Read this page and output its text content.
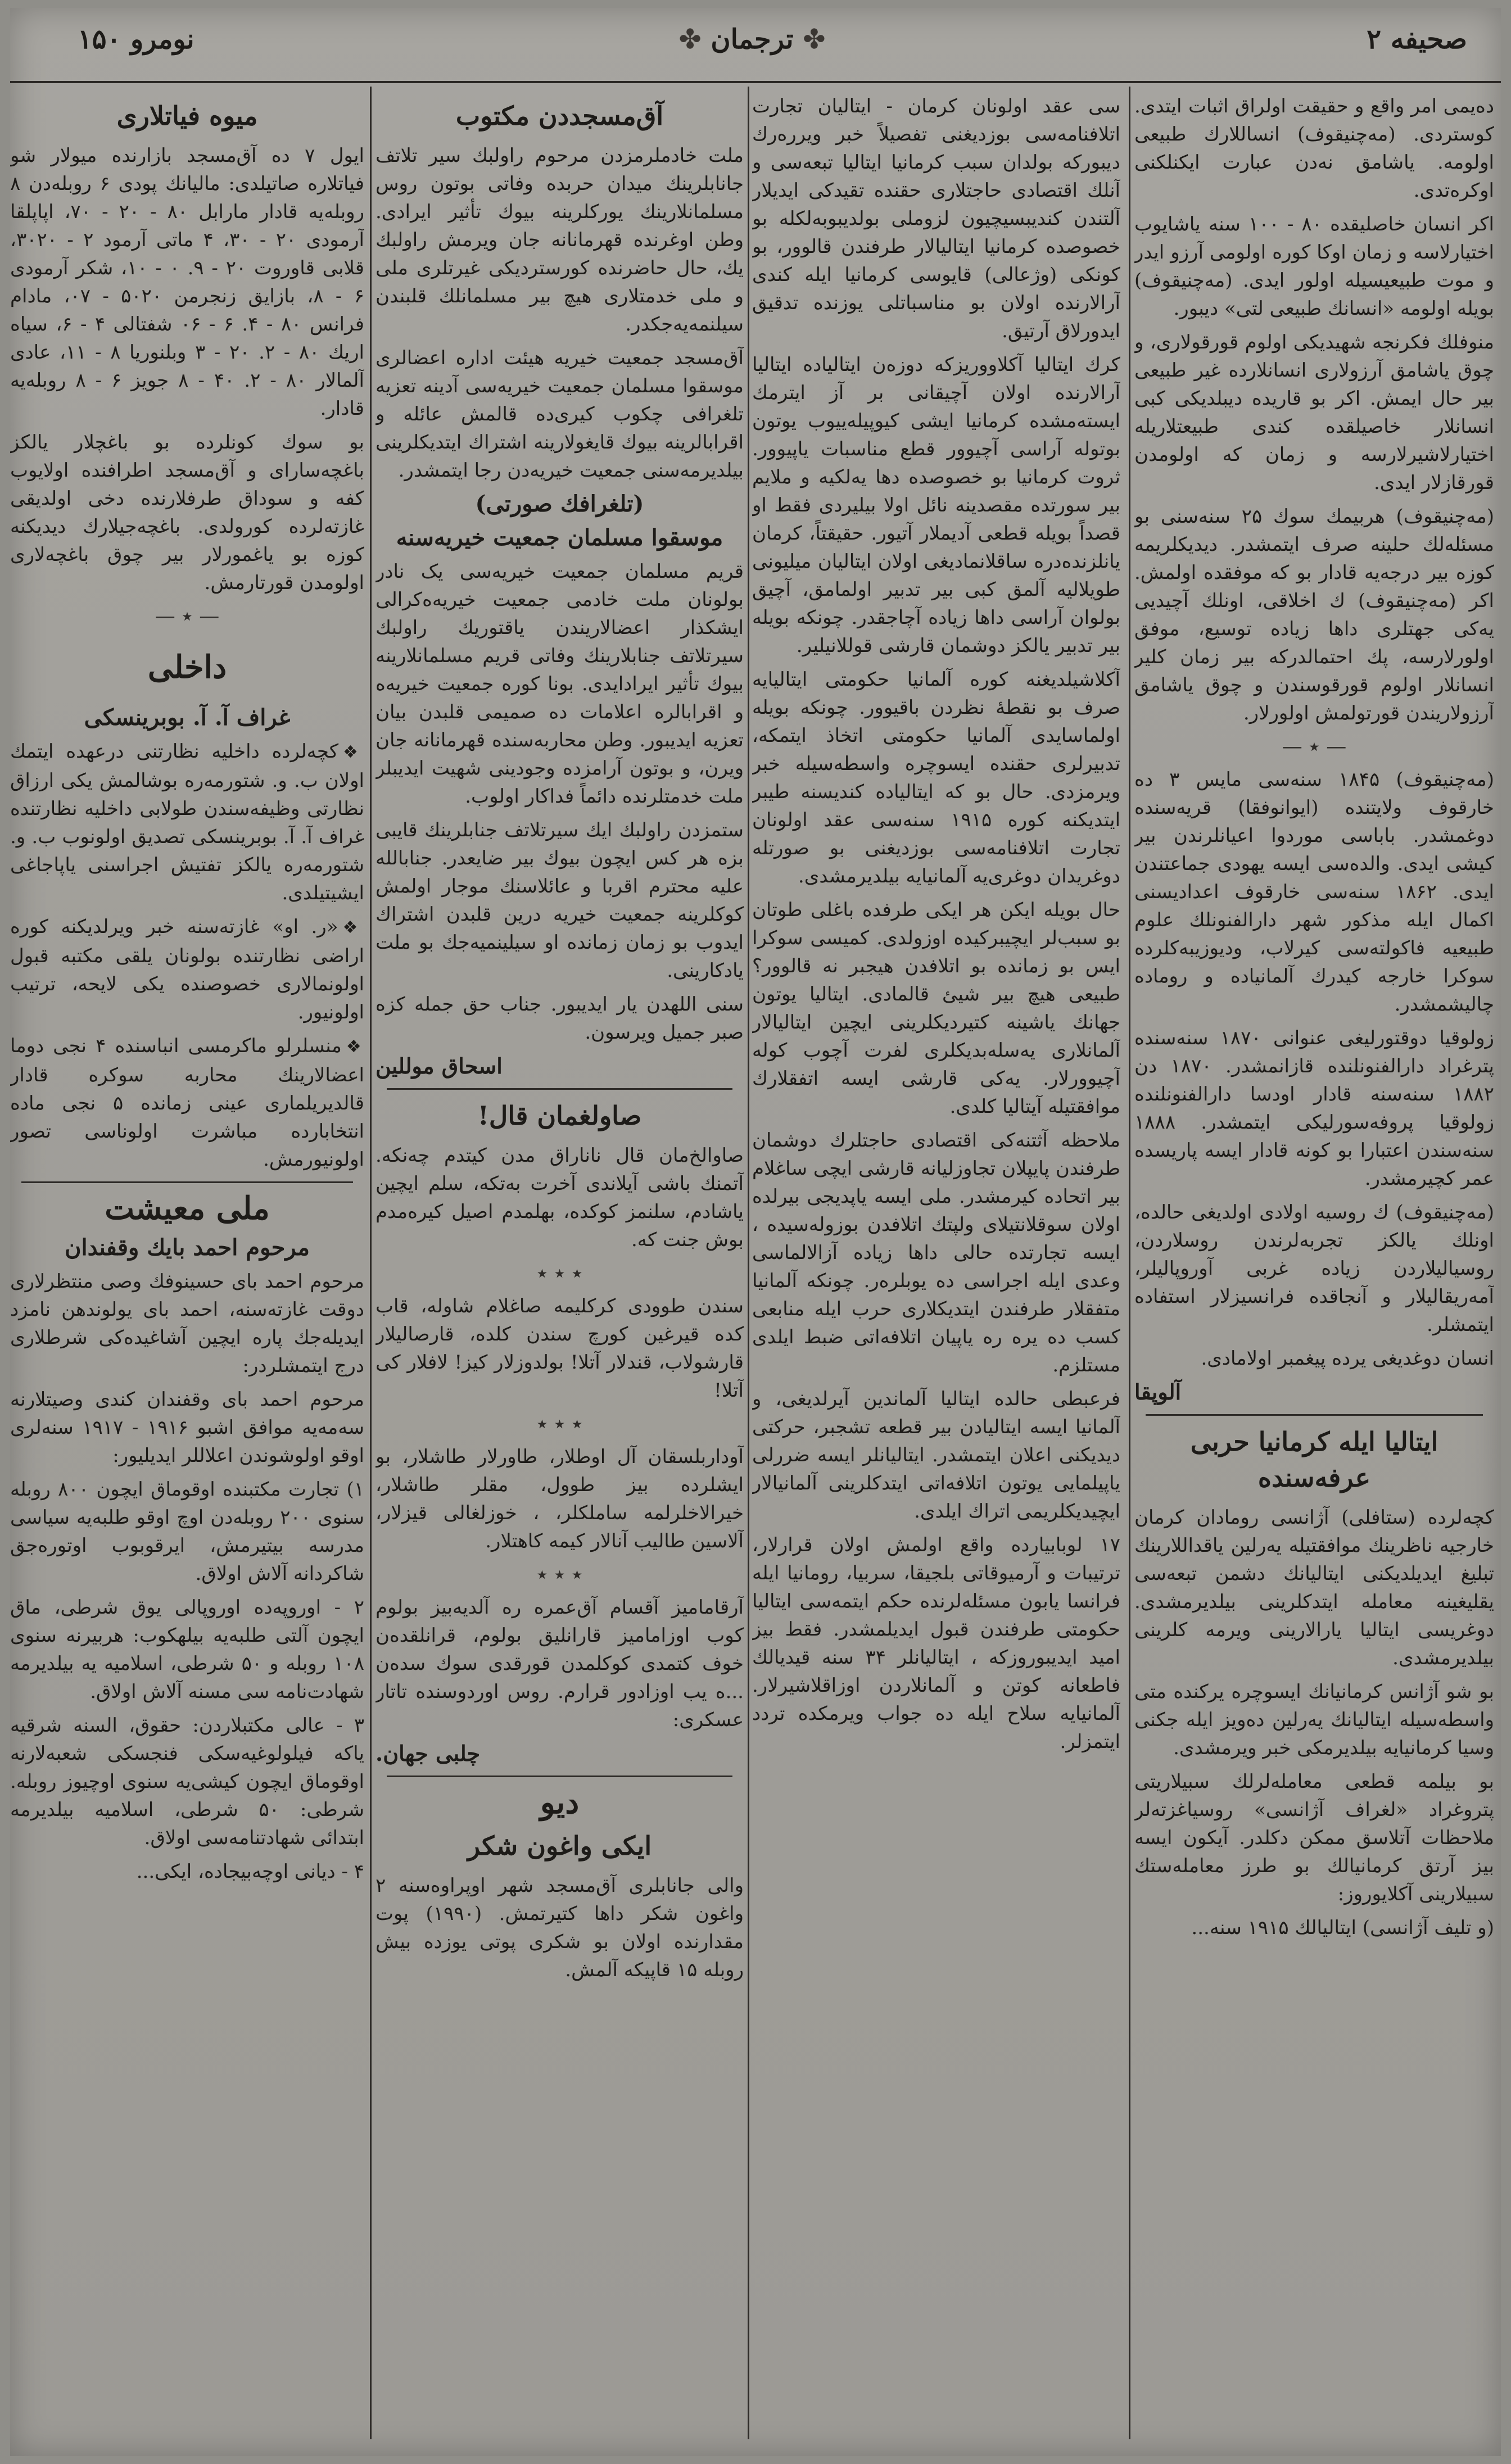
صحیفه ۲
✤ ترجمان ✤
نومرو ۱۵۰

ده‌یمی امر واقع و حقیقت اولراق اثبات ایتدی. کوستردی. (مه‌چنیقوف) انساللارك طبیعی اولومه. یاشامق نه‌دن عبارت ایکنلکنی اوکره‌تدی.

اکر انسان خاصلیقده ۸۰ - ۱۰۰ سنه یاشایوب اختیارلاسه و زمان اوکا کوره اولومی آرزو ایدر و موت طبیعیسیله اولور ایدی. (مه‌چنیقوف) بویله اولومه «انسانك طبیعی لتی» دیبور.

منوفلك فکرنجه شهیدیکی اولوم قورقولاری، و چوق یاشامق آرزولاری انسانلارده غیر طبیعی بیر حال ایمش. اکر بو قاریده دیبلدیکی کبی انسانلار خاصیلقده کندی طبیعتلاریله اختیارلاشیرلارسه و زمان که اولومدن قورقازلار ایدی.

(مه‌چنیقوف) هربیمك سوك ۲۵ سنه‌سنی بو مسئله‌لك حلینه صرف ایتمشدر. دیدیکلریمه کوزه بیر درجه‌یه قادار بو که موفقده اولمش. اکر (مه‌چنیقوف) ك اخلاقی، اونلك آچیدیی یه‌کی جهتلری داها زیاده توسیع، موفق اولورلارسه، پك احتمالدرکه بیر زمان کلیر انسانلار اولوم قورقوسندن و چوق یاشامق آرزولاریندن قورتولمش اولورلار.

— ٭ —

(مه‌چنیقوف) ۱۸۴۵ سنه‌سی مایس ۳ ده خارقوف ولایتنده (ایوانوفقا) قریه‌سنده دوغمشدر. باباسی موردوا اعیانلرندن بیر کیشی ایدی. والده‌سی ایسه یهودی جماعتندن ایدی. ۱۸۶۲ سنه‌سی خارقوف اعدادیسنی اکمال ایله مذکور شهر دارالفنونلك علوم طبیعیه فاکولته‌سی کیرلاب، ودیوزیبه‌کلرده سوکرا خارجه کیدرك آلمانیاده و روماده چالیشمشدر.

زولوقیا دوقتورلیغی عنوانی ۱۸۷۰ سنه‌سنده پترغراد دارالفنونلنده قازانمشدر. ۱۸۷۰ دن ۱۸۸۲ سنه‌سنه قادار اودسا دارالفنونلنده زولوقیا پروفه‌سورلیکی ایتمشدر. ۱۸۸۸ سنه‌سندن اعتبارا بو کونه قادار ایسه پاریسده عمر کچیرمشدر.

(مه‌چنیقوف) ك روسیه اولادی اولدیغی حالده، اونلك یالکز تجربه‌لرندن روسلاردن، روسیالیلاردن زیاده غربی آوروپالیلر، آمه‌ریقالیلار و آنجاقده فرانسیزلار استفاده ایتمشلر.

انسان دوغدیغی یرده پیغمبر اولامادی.

آلوپقا
ایتالیا ایله کرمانیا حربی عرفه‌سنده

کچه‌لرده (ستافلی) آژانسی رومادان کرمان خارجیه ناظرینك موافقتیله یه‌رلین یاقداللارینك تبلیغ ایدیلدیکنی ایتالیانك دشمن تبعه‌سی یقلیغینه معامله ایتدکلرینی بیلدیرمشدی. دوغریسی ایتالیا یارالارینی ویرمه کلرینی بیلدیرمشدی.

بو شو آژانس کرمانیانك ایسوچره یرکنده متی واسطه‌سیله ایتالیانك یه‌رلین ده‌ویز ایله جکنی وسیا کرمانیایه بیلدیرمکی خبر ویرمشدی.

بو بیلمه قطعی معامله‌لرلك سبیلاریتی پتروغراد «لغراف آژانسی» روسیاغزته‌لر ملاحظات آتلاسق ممکن دکلدر. آیکون ایسه بیز آرتق کرمانیالك بو طرز معامله‌ستك سبیلارینی آکلایوروز:

(و تلیف آژانسی) ایتالیالك ۱۹۱۵ سنه...

سی عقد اولونان کرمان - ایتالیان تجارت اتلافنامه‌سی بوزدیغنی تفصیلاً خبر ویرره‌رك دیبورکه بولدان سبب کرمانیا ایتالیا تبعه‌سی و آنلك اقتصادی حاجتلاری حقنده تقیدکی ایدیلار آلتندن کندیبسیچیون لزوملی بولدیبوبه‌لکله بو خصوصده کرمانیا ایتالیالار طرفندن قالوور، بو کونکی (وژعالی) قایوسی کرمانیا ایله کندی آرالارنده اولان بو مناسباتلی یوزنده تدقیق ایدورلاق آرتیق.

کرك ایتالیا آکلاووریزکه دوزه‌ن ایتالیاده ایتالیا آرالارنده اولان آچیقانی بر آز ایترمك ایسته‌مشده کرمانیا ایشی کیوپیله‌ییوب یوتون بوتوله آراسی آچیوور قطع مناسبات یاپیوور. ثروت کرمانیا بو خصوصده دها یه‌لکیه و ملایم بیر سورتده مقصدینه نائل اولا بیلیردی فقط او قصداً بویله قطعی آدیملار آتیور. حقیقتاً، کرمان یانلزنده‌دره ساقلانمادیغی اولان ایتالیان میلیونی طویلالیه آلمق کبی بیر تدبیر اولمامق، آچیق بولوان آراسی داها زیاده آچاجقدر. چونکه بویله بیر تدبیر یالکز دوشمان قارشی قوللانیلیر.

آکلاشیلدیغنه کوره آلمانیا حکومتی ایتالیایه صرف بو نقطهٔ نظردن باقیوور. چونکه بویله اولماسایدی آلمانیا حکومتی اتخاذ ایتمکه، تدبیرلری حقنده ایسوچره واسطه‌سیله خبر ویرمزدی. حال بو که ایتالیاده کندیسنه طیبر ایتدیکنه کوره ۱۹۱۵ سنه‌سی عقد اولونان تجارت اتلافنامه‌سی بوزدیغنی بو صورتله دوغریدان دوغری‌یه آلمانیایه بیلدیرمشدی.

حال بویله ایکن هر ایکی طرفده باغلی طوتان بو سبب‌لر ایچیبرکیده اوزولدی. کمیسی سوکرا ایس بو زمانده بو اتلافدن هیجبر نه قالوور؟ طبیعی هیچ بیر شیئ قالمادی. ایتالیا یوتون جهانك یاشینه کتیردیکلرینی ایچین ایتالیالار آلمانلاری یه‌سله‌بدیکلری لفرت آچوب کوله آچیوورلار. یه‌کی قارشی ایسه اتفقلارك موافقتیله آیتالیا کلدی.

ملاحظه آثتنه‌کی اقتصادی حاجتلرك دوشمان طرفندن پایپلان تجاوزلیانه قارشی ایچی ساغلام بیر اتحاده کیرمشدر. ملی ایسه یاپدیجی بیرلده اولان سوقلانتیلای ولپتك اتلافدن بوزوله‌سیده ، ایسه تجارتده حالی داها زیاده آزالالماسی وعدی ایله اجراسی ده یوبلره‌ر. چونکه آلمانیا متفقلار طرفندن ایتدیکلاری حرب ایله منابعی کسب ده یره ره یاپیان اتلافه‌اتی ضبط ایلدی مستلزم.

فرعبطی حالده ایتالیا آلماندین آیرلدیغی، و آلمانیا ایسه ایتالیادن بیر قطعه تشجبر، حرکتی دیدیکنی اعلان ایتمشدر. ایتالیانلر ایسه ضررلی یاپیلمایی یوتون اتلافه‌اتی ایتدکلرینی آلمانیالار ایچیدیکلریمی اتراك ایلدی.

۱۷ لوبابیارده واقع اولمش اولان قرارلار، ترتیبات و آرمیوقاتی بلجیقا، سربیا، رومانیا ایله فرانسا یابون مسئله‌لرنده حکم ایتمه‌سی ایتالیا حکومتی طرفندن قبول ایدیلمشدر. فقط بیز امید ایدیبوروزکه ، ایتالیانلر ۳۴ سنه قیدیالك فاطعانه کوتن و آلمانلاردن اوزاقلاشیرلار. آلمانیایه سلاح ایله ده جواب ویرمکده تردد ایتمزلر.

آق‌مسجددن مکتوب

ملت خادملرمزدن مرحوم راولبك سیر تلاتف جانابلرینك میدان حربده وفاتی بوتون روس مسلمانلارینك یورکلرینه بیوك تأثیر ایرادی. وطن اوغرنده قهرمانانه جان ویرمش راولبك یك، حال حاضرنده کورستردیکی غیرتلری ملی و ملی خدمتلاری هیچ بیر مسلمانلك قلبندن سیلنمه‌یه‌جکدر.

آق‌مسجد جمعیت خیریه هیئت اداره اعضالری موسقوا مسلمان جمعیت خیریه‌سی آدینه تعزیه تلغرافی چکوب کیری‌ده قالمش عائله و اقرابالرینه بیوك قایغولارینه اشتراك ایتدیکلرینی بیلدیرمه‌سنی جمعیت خیریه‌دن رجا ایتمشدر.

(تلغرافك صورتی)
موسقوا مسلمان جمعیت خیریه‌سنه

قریم مسلمان جمعیت خیریه‌سی یک نادر بولونان ملت خادمی جمعیت خیریه‌ه‌کرالی ایشکذار اعضالاریندن یاقتوریك راولبك سیرتلاتف جنابلارینك وفاتی قریم مسلمانلارینه بیوك تأثیر ایرادایدی. بونا کوره جمعیت خیریه‌ه و اقرابالره اعلامات ده صمیمی قلبدن بیان تعزیه ایدیبور. وطن محاربه‌سنده قهرمانانه جان ویرن، و بوتون آرامزده وجودینی شهیت ایدیبلر ملت خدمتلرنده دائماً فداکار اولوب.

ستمزدن راولبك ایك سیرتلاتف جنابلرینك قایبی بزه هر کس ایچون بیوك بیر ضایعدر. جنابالله علیه محترم اقربا و عائلاسنك موجار اولمش کوکلرینه جمعیت خیریه درین قلبدن اشتراك ایدوب بو زمان زمانده او سیلینمیه‌جك بو ملت یادکارینی.

سنی اللهدن یار ایدیبور. جناب حق جمله کزه صبر جمیل ویرسون.

اسحاق موللین
صاولغمان قال!

صاوالخ‌مان قال ناناراق مدن کیتدم چه‌نکه. آتمنك باشی آیلاندی آخرت به‌تکه، سلم ایچین یاشادم، سلنمز کوکده، بهلمدم اصیل کیره‌مدم بوش جنت که.

٭ ٭ ٭

سندن طوودی کرکلیمه صاغلام شاوله، قاب کده قیرغین کورچ سندن کلده، قارصالیلار قارشولاب، قندلار آتلا! بولدوزلار کیز! لافلار کی آتلا!

٭ ٭ ٭

آوداربلسقان آل اوطلار، طاورلار طاشلار، بو ایشلرده بیز طوول، مقلر طاشلار، خیرالاخلرلمه ساملکلر، ، خوزلغالی قیزلار، آلاسین طالیب آنالار کیمه کاهتلار.

٭ ٭ ٭

آرقامامیز آقسام آق‌عمره ره آلدیه‌بیز بولوم کوب اوزامامیز قارانلیق بولوم، قرانلقده‌ن خوف کتمدی کوکلمدن قورقدی سوك سده‌ن ...ه یب اوزادور قرارم. روس اوردوسنده تاتار عسکری:

چلبی جهان.
دیو
ایکی واغون شکر

والی جانابلری آق‌مسجد شهر اوپراوه‌سنه ۲ واغون شکر داها کتیرتمش. (۱۹۹۰) پوت مقدارنده اولان بو شکری پوتی یوزده بیش روبله ۱۵ قاپیکه آلمش.

میوه فیاتلاری

ایول ۷ ده آق‌مسجد بازارنده میولار شو فیاتلاره صاتیلدی: مالیانك پودی ۶ روبله‌دن ۸ روبله‌یه قادار مارابل ۸۰ - ۲۰ - ۷۰، اپاپلقا آرمودی ۲۰ - ۳۰، ۴ ماتی آرمود ۲ - ۳۰۲۰، قلابی قاوروت ۲۰ - ۹. ۰ - ۱۰، شکر آرمودی ۶ - ۸، بازایق زنجرمن ۵۰۲۰ - ۰۷، مادام فرانس ۸۰ - ۴. ۶ - ۰۶ شفتالی ۴ - ۶، سیاه اریك ۸۰ - ۲. ۲۰ - ۳ وبلنوریا ۸ - ۱۱، عادی آلمالار ۸۰ - ۲. ۴۰ - ۸ جویز ۶ - ۸ روبله‌یه قادار.

بو سوك کونلرده بو باغچلار یالکز باغچه‌سارای و آق‌مسجد اطرافنده اولایوب کفه و سوداق طرفلارنده دخی اولدیقی غازته‌لرده کورولدی. باغچه‌جیلارك دیدیکنه کوزه بو یاغمورلار بیر چوق باغچه‌لاری اولومدن قورتارمش.

— ٭ —
داخلی
غراف آ. آ. بوبرینسکی

❖کچه‌لرده داخلیه نظارتنی درعهده ایتمك اولان ب. و. شتورمه‌ره بوشالمش یکی ارزاق نظارتی وظیفه‌سندن طولابی داخلیه نظارتنده غراف آ. آ. بوبرینسکی تصدیق اولونوب ب. و. شتورمه‌ره یالکز تفتیش اجراسنی یاپاجاغی ایشیتیلدی.

❖«ر. او» غازته‌سنه خبر ویرلدیکنه کوره اراضی نظارتنده بولونان یلقی مکتبه قبول اولونمالاری خصوصنده یکی لایحه، ترتیب اولونیور.

❖منسلرلو ماکرمسی انباسنده ۴ نجی دوما اعضالارینك محاربه سوکره قادار قالدیریلماری عینی زمانده ۵ نجی ماده انتخابارده مباشرت اولوناسی تصور اولونیورمش.

ملی معیشت
مرحوم احمد بایك وقفندان

مرحوم احمد بای حسینوفك وصی منتظرلاری دوقت غازته‌سنه، احمد بای یولوندهن نامزد ایدیله‌جك پاره ایچین آشاغیده‌کی شرطلاری درج ایتمشلردر:

مرحوم احمد بای وقفندان کندی وصیتلارنه سه‌مه‌یه موافق اشبو ۱۹۱۶ - ۱۹۱۷ سنه‌لری اوقو اولوشوندن اعلاللر ایدیلیور:

۱) تجارت مکتبنده اوقوماق ایچون ۸۰۰ روبله سنوی ۲۰۰ روبله‌دن اوچ اوقو طلبه‌یه‌ سیاسی مدرسه بیتیرمش، ایرقوبوب اوتوره‌جق شاکردانه آلاش اولاق.

۲ - اوروپه‌ده اوروپالی یوق شرطی، ماق ایچون آلتی طلبه‌یه بیلهکوب: هربیرنه سنوی ۱۰۸ روبله و ۵۰ شرطی، اسلامیه یه بیلدیرمه شهادت‌نامه سی مسنه آلاش اولاق.

۳ - عالی مکتبلاردن: حقوق، السنه شرقیه یاکه فیلولوغیه‌سکی فنجسکی شعبه‌لارنه اوقوماق ایچون کیشی‌یه سنوی اوچیوز روبله. شرطی: ۵۰ شرطی، اسلامیه بیلدیرمه ابتدائی شهادتنامه‌سی اولاق.

۴ - دیانی اوچه‌بیجاده، ایکی...
